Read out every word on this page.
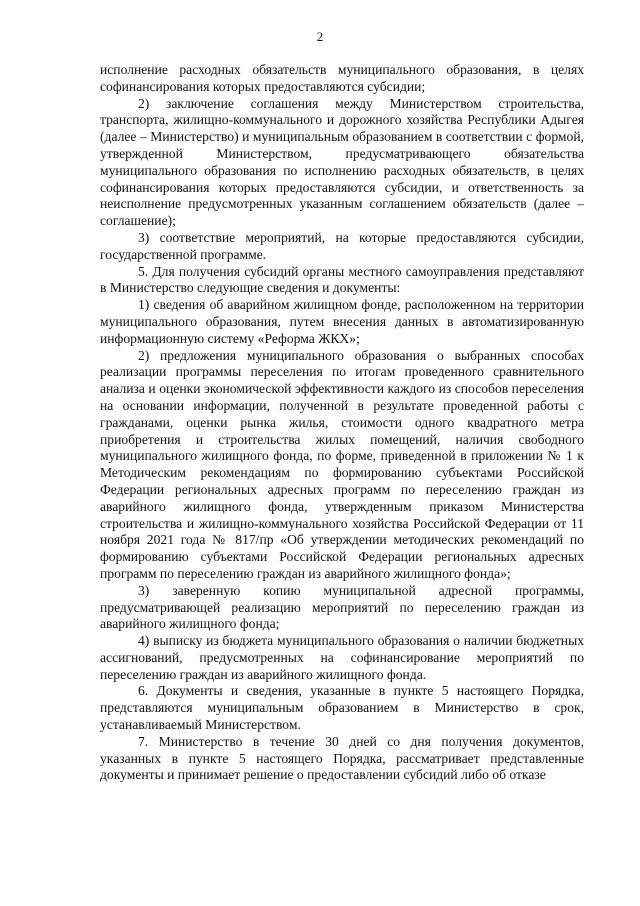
2

исполнение расходных обязательств муниципального образования, в целях софинансирования которых предоставляются субсидии;

2) заключение соглашения между Министерством строительства, транспорта, жилищно-коммунального и дорожного хозяйства Республики Адыгея (далее – Министерство) и муниципальным образованием в соответствии с формой, утвержденной Министерством, предусматривающего обязательства муниципального образования по исполнению расходных обязательств, в целях софинансирования которых предоставляются субсидии, и ответственность за неисполнение предусмотренных указанным соглашением обязательств (далее – соглашение);

3) соответствие мероприятий, на которые предоставляются субсидии, государственной программе.

5. Для получения субсидий органы местного самоуправления представляют в Министерство следующие сведения и документы:

1) сведения об аварийном жилищном фонде, расположенном на территории муниципального образования, путем внесения данных в автоматизированную информационную систему «Реформа ЖКХ»;

2) предложения муниципального образования о выбранных способах реализации программы переселения по итогам проведенного сравнительного анализа и оценки экономической эффективности каждого из способов переселения на основании информации, полученной в результате проведенной работы с гражданами, оценки рынка жилья, стоимости одного квадратного метра приобретения и строительства жилых помещений, наличия свободного муниципального жилищного фонда, по форме, приведенной в приложении № 1 к Методическим рекомендациям по формированию субъектами Российской Федерации региональных адресных программ по переселению граждан из аварийного жилищного фонда, утвержденным приказом Министерства строительства и жилищно-коммунального хозяйства Российской Федерации от 11 ноября 2021 года № 817/пр «Об утверждении методических рекомендаций по формированию субъектами Российской Федерации региональных адресных программ по переселению граждан из аварийного жилищного фонда»;

3) заверенную копию муниципальной адресной программы, предусматривающей реализацию мероприятий по переселению граждан из аварийного жилищного фонда;

4) выписку из бюджета муниципального образования о наличии бюджетных ассигнований, предусмотренных на софинансирование мероприятий по переселению граждан из аварийного жилищного фонда.

6. Документы и сведения, указанные в пункте 5 настоящего Порядка, представляются муниципальным образованием в Министерство в срок, устанавливаемый Министерством.

7. Министерство в течение 30 дней со дня получения документов, указанных в пункте 5 настоящего Порядка, рассматривает представленные документы и принимает решение о предоставлении субсидий либо об отказе
